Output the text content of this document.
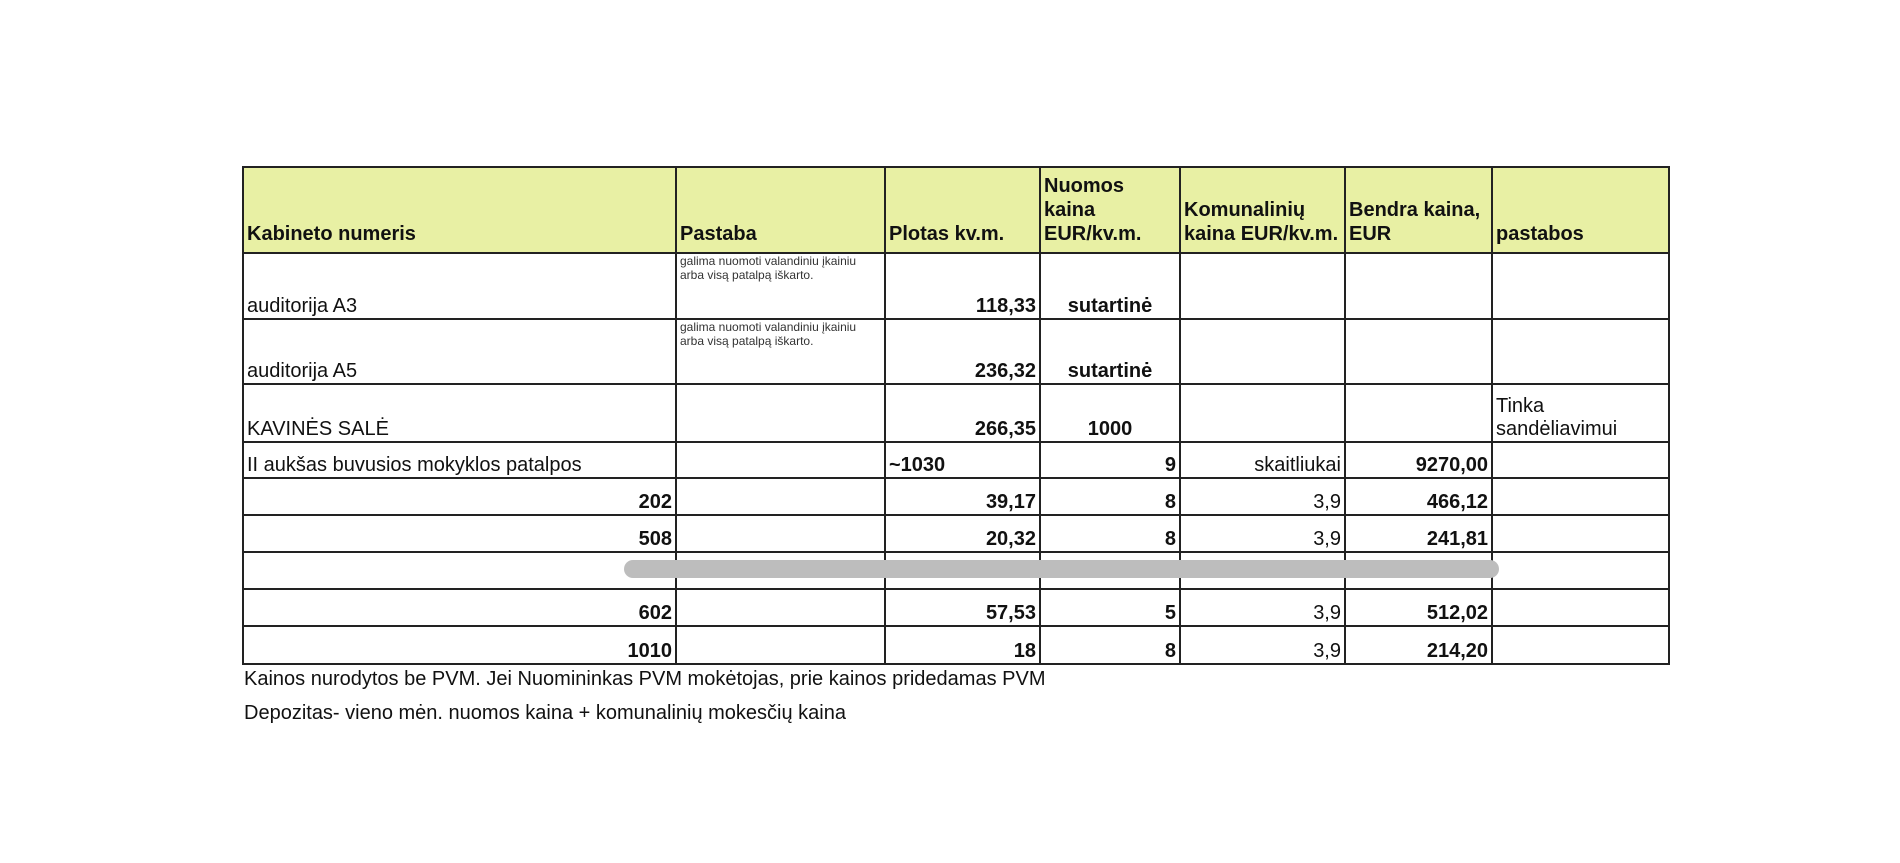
Kabineto numeris	Pastaba	Plotas kv.m.	Nuomos kaina EUR/kv.m.	Komunalinių kaina EUR/kv.m.	Bendra kaina, EUR	pastabos
auditorija A3	galima nuomoti valandiniu įkainiu arba visą patalpą iškarto.	118,33	sutartinė			
auditorija A5	galima nuomoti valandiniu įkainiu arba visą patalpą iškarto.	236,32	sutartinė			
KAVINĖS SALĖ		266,35	1000			Tinka sandėliavimui
II aukšas buvusios mokyklos patalpos		~1030	9	skaitliukai	9270,00	
202		39,17	8	3,9	466,12	
508		20,32	8	3,9	241,81	

602		57,53	5	3,9	512,02	
1010		18	8	3,9	214,20	
Kainos nurodytos be PVM. Jei Nuomininkas PVM mokėtojas, prie kainos pridedamas PVM
Depozitas- vieno mėn. nuomos kaina + komunalinių mokesčių kaina
